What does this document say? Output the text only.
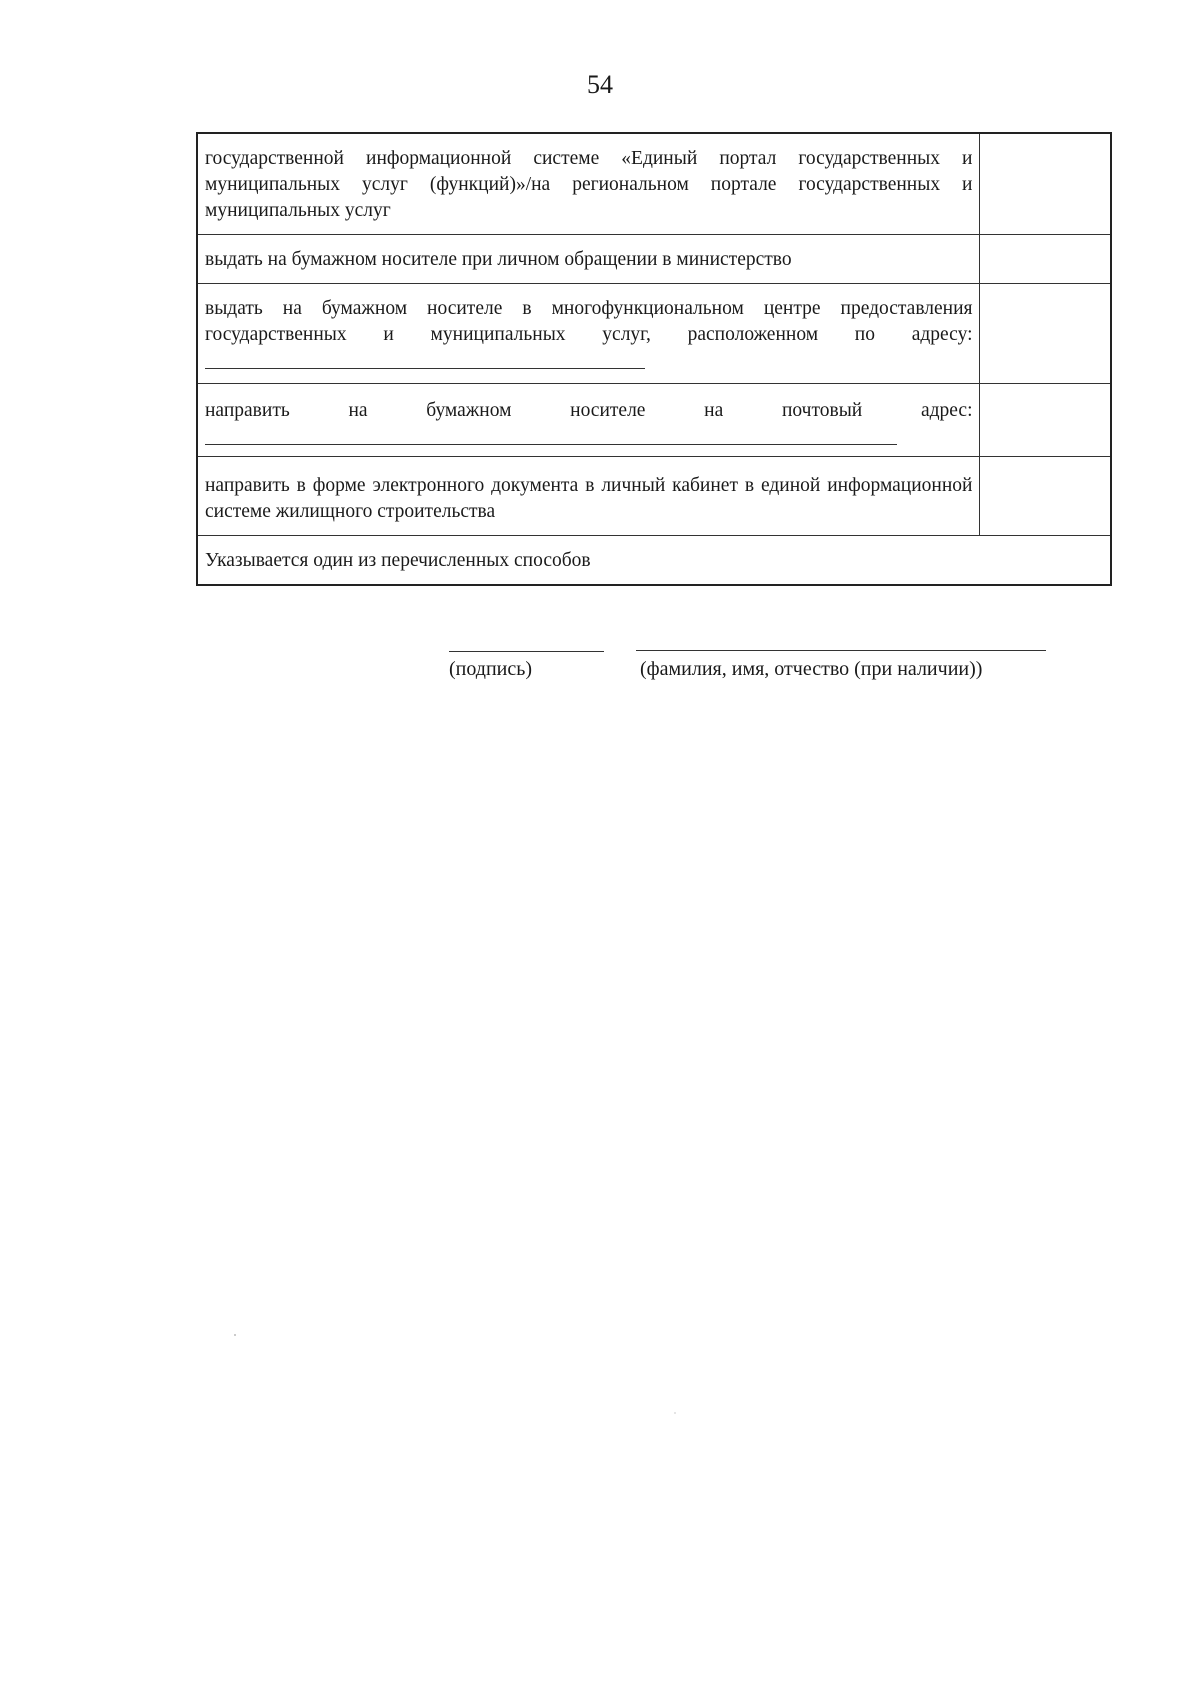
54
государственной информационной системе «Единый портал государственных и муниципальных услуг (функций)»/на региональном портале государственных и муниципальных услуг	
выдать на бумажном носителе при личном обращении в министерство	

выдать на бумажном носителе в многофункциональном центре предоставления государственных и муниципальных услуг, расположенном по адресу:	

направить на бумажном носителе на почтовый адрес:	

направить в форме электронного документа в личный кабинет в единой информационной системе жилищного строительства	
Указывается один из перечисленных способов	
(подпись)	(фамилия, имя, отчество (при наличии))
